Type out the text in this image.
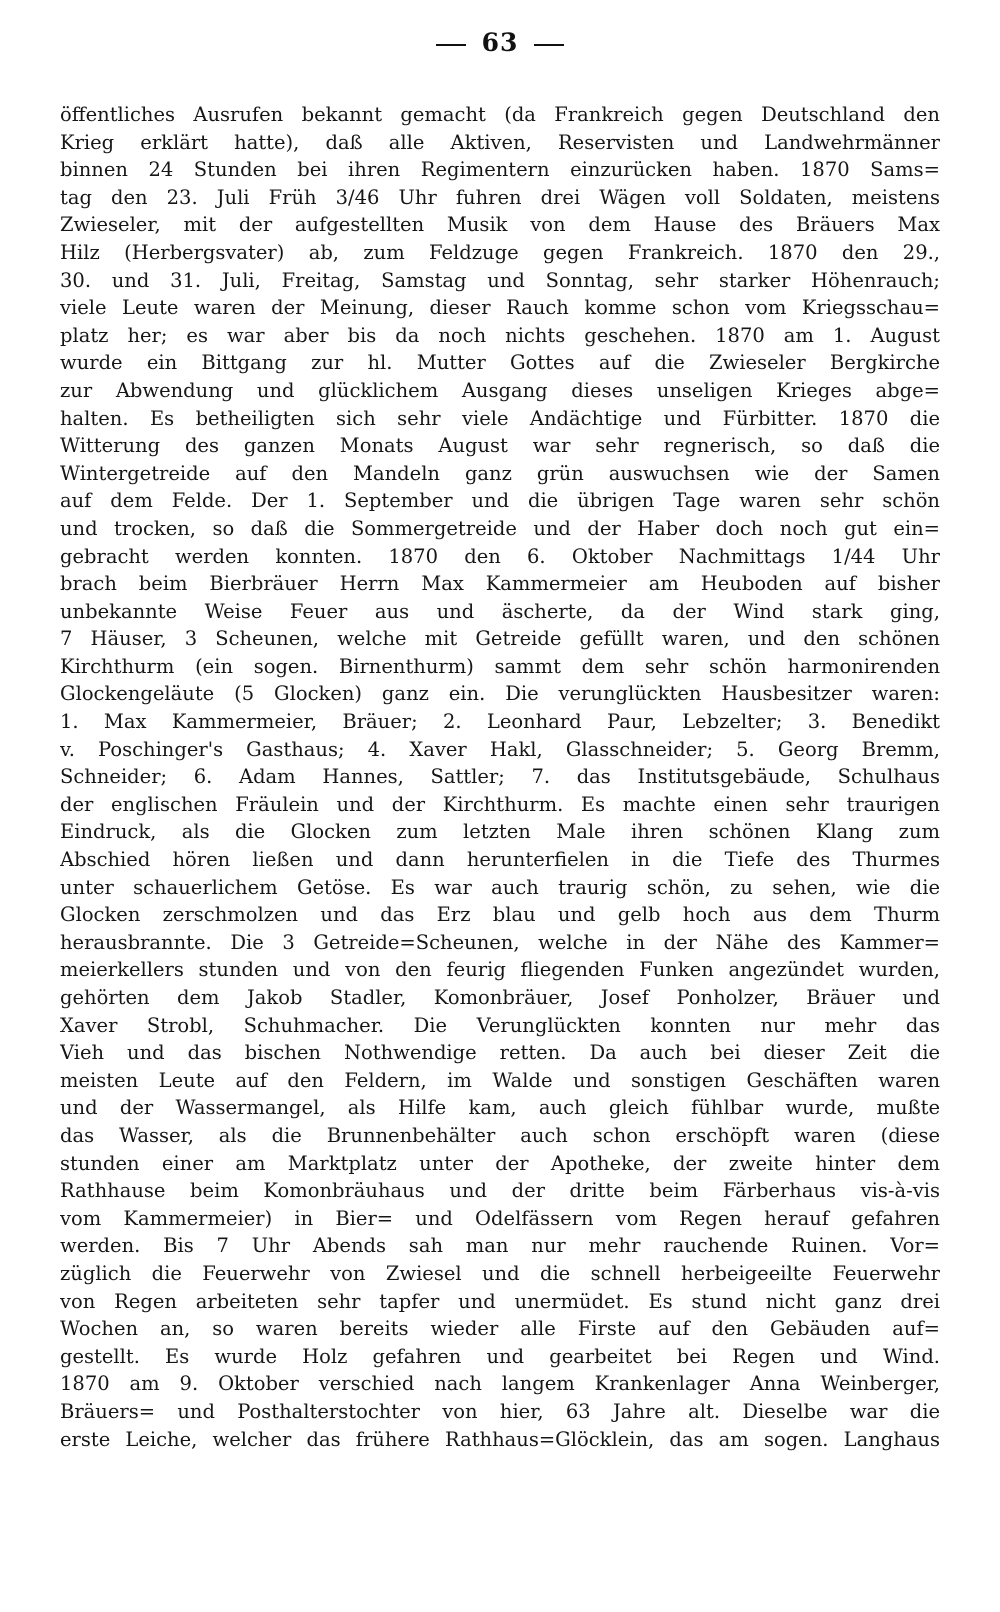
63
öffentliches Ausrufen bekannt gemacht (da Frankreich gegen Deutschland den
Krieg erklärt hatte), daß alle Aktiven, Reservisten und Landwehrmänner
binnen 24 Stunden bei ihren Regimentern einzurücken haben. 1870 Sams=
tag den 23. Juli Früh 3/46 Uhr fuhren drei Wägen voll Soldaten, meistens
Zwieseler, mit der aufgestellten Musik von dem Hause des Bräuers Max
Hilz (Herbergsvater) ab, zum Feldzuge gegen Frankreich. 1870 den 29.,
30. und 31. Juli, Freitag, Samstag und Sonntag, sehr starker Höhenrauch;
viele Leute waren der Meinung, dieser Rauch komme schon vom Kriegsschau=
platz her; es war aber bis da noch nichts geschehen. 1870 am 1. August
wurde ein Bittgang zur hl. Mutter Gottes auf die Zwieseler Bergkirche
zur Abwendung und glücklichem Ausgang dieses unseligen Krieges abge=
halten. Es betheiligten sich sehr viele Andächtige und Fürbitter. 1870 die
Witterung des ganzen Monats August war sehr regnerisch, so daß die
Wintergetreide auf den Mandeln ganz grün auswuchsen wie der Samen
auf dem Felde. Der 1. September und die übrigen Tage waren sehr schön
und trocken, so daß die Sommergetreide und der Haber doch noch gut ein=
gebracht werden konnten. 1870 den 6. Oktober Nachmittags 1/44 Uhr
brach beim Bierbräuer Herrn Max Kammermeier am Heuboden auf bisher
unbekannte Weise Feuer aus und äscherte, da der Wind stark ging,
7 Häuser, 3 Scheunen, welche mit Getreide gefüllt waren, und den schönen
Kirchthurm (ein sogen. Birnenthurm) sammt dem sehr schön harmonirenden
Glockengeläute (5 Glocken) ganz ein. Die verunglückten Hausbesitzer waren:
1. Max Kammermeier, Bräuer; 2. Leonhard Paur, Lebzelter; 3. Benedikt
v. Poschinger's Gasthaus; 4. Xaver Hakl, Glasschneider; 5. Georg Bremm,
Schneider; 6. Adam Hannes, Sattler; 7. das Institutsgebäude, Schulhaus
der englischen Fräulein und der Kirchthurm. Es machte einen sehr traurigen
Eindruck, als die Glocken zum letzten Male ihren schönen Klang zum
Abschied hören ließen und dann herunterfielen in die Tiefe des Thurmes
unter schauerlichem Getöse. Es war auch traurig schön, zu sehen, wie die
Glocken zerschmolzen und das Erz blau und gelb hoch aus dem Thurm
herausbrannte. Die 3 Getreide=Scheunen, welche in der Nähe des Kammer=
meierkellers stunden und von den feurig fliegenden Funken angezündet wurden,
gehörten dem Jakob Stadler, Komonbräuer, Josef Ponholzer, Bräuer und
Xaver Strobl, Schuhmacher. Die Verunglückten konnten nur mehr das
Vieh und das bischen Nothwendige retten. Da auch bei dieser Zeit die
meisten Leute auf den Feldern, im Walde und sonstigen Geschäften waren
und der Wassermangel, als Hilfe kam, auch gleich fühlbar wurde, mußte
das Wasser, als die Brunnenbehälter auch schon erschöpft waren (diese
stunden einer am Marktplatz unter der Apotheke, der zweite hinter dem
Rathhause beim Komonbräuhaus und der dritte beim Färberhaus vis-à-vis
vom Kammermeier) in Bier= und Odelfässern vom Regen herauf gefahren
werden. Bis 7 Uhr Abends sah man nur mehr rauchende Ruinen. Vor=
züglich die Feuerwehr von Zwiesel und die schnell herbeigeeilte Feuerwehr
von Regen arbeiteten sehr tapfer und unermüdet. Es stund nicht ganz drei
Wochen an, so waren bereits wieder alle Firste auf den Gebäuden auf=
gestellt. Es wurde Holz gefahren und gearbeitet bei Regen und Wind.
1870 am 9. Oktober verschied nach langem Krankenlager Anna Weinberger,
Bräuers= und Posthalterstochter von hier, 63 Jahre alt. Dieselbe war die
erste Leiche, welcher das frühere Rathhaus=Glöcklein, das am sogen. Langhaus
